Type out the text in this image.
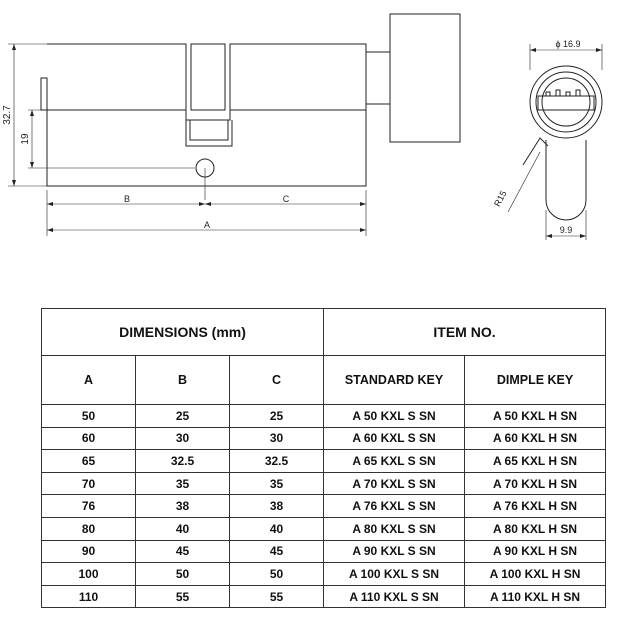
32.7
19
B	C
A
ϕ 16.9
R15
9.9
DIMENSIONS (mm)			ITEM NO.	
A	B	C	STANDARD KEY	DIMPLE KEY
50	25	25	A 50 KXL S SN	A 50 KXL H SN
60	30	30	A 60 KXL S SN	A 60 KXL H SN
65	32.5	32.5	A 65 KXL S SN	A 65 KXL H SN
70	35	35	A 70 KXL S SN	A 70 KXL H SN
76	38	38	A 76 KXL S SN	A 76 KXL H SN
80	40	40	A 80 KXL S SN	A 80 KXL H SN
90	45	45	A 90 KXL S SN	A 90 KXL H SN
100	50	50	A 100 KXL S SN	A 100 KXL H SN
110	55	55	A 110 KXL S SN	A 110 KXL H SN
